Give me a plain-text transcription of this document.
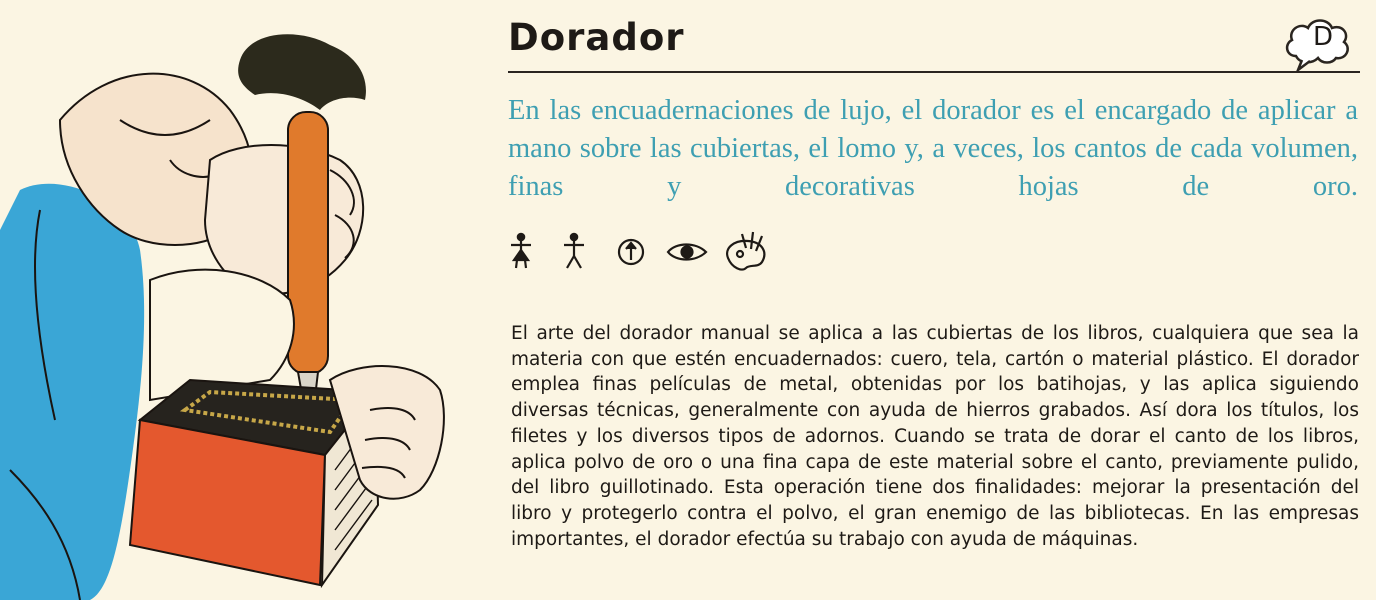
Dorador	D

En las encuadernaciones de lujo, el dorador es el encargado de aplicar a mano sobre las cubiertas, el lomo y, a veces, los cantos de cada volumen, finas y decorativas hojas de oro.

El arte del dorador manual se aplica a las cubiertas de los libros, cualquiera que sea la materia con que estén encuadernados: cuero, tela, cartón o material plástico. El dorador emplea finas películas de metal, obtenidas por los batihojas, y las aplica siguiendo diversas técnicas, generalmente con ayuda de hierros grabados. Así dora los títulos, los filetes y los diversos tipos de adornos. Cuando se trata de dorar el canto de los libros, aplica polvo de oro o una fina capa de este material sobre el canto, previamente pulido, del libro guillotinado. Esta operación tiene dos finalidades: mejorar la presentación del libro y protegerlo contra el polvo, el gran enemigo de las bibliotecas. En las empresas importantes, el dorador efectúa su trabajo con ayuda de máquinas.
